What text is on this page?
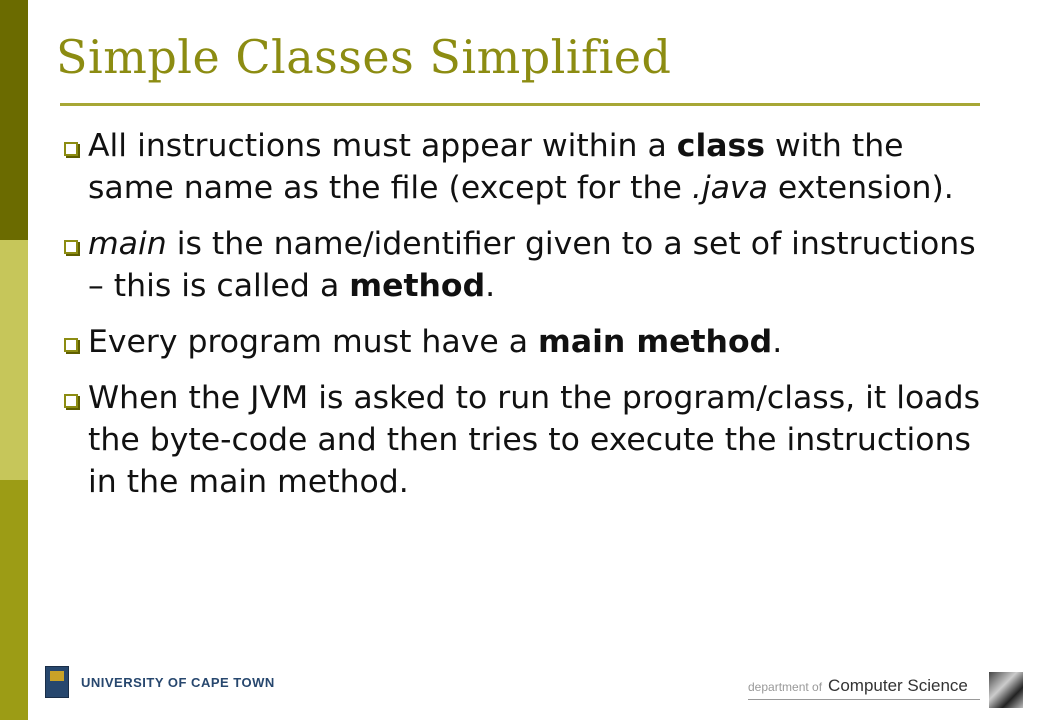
Simple Classes Simplified
All instructions must appear within a class with the same name as the file (except for the .java extension).
main is the name/identifier given to a set of instructions – this is called a method.
Every program must have a main method.
When the JVM is asked to run the program/class, it loads the byte-code and then tries to execute the instructions in the main method.
UNIVERSITY OF CAPE TOWN	department of Computer Science
